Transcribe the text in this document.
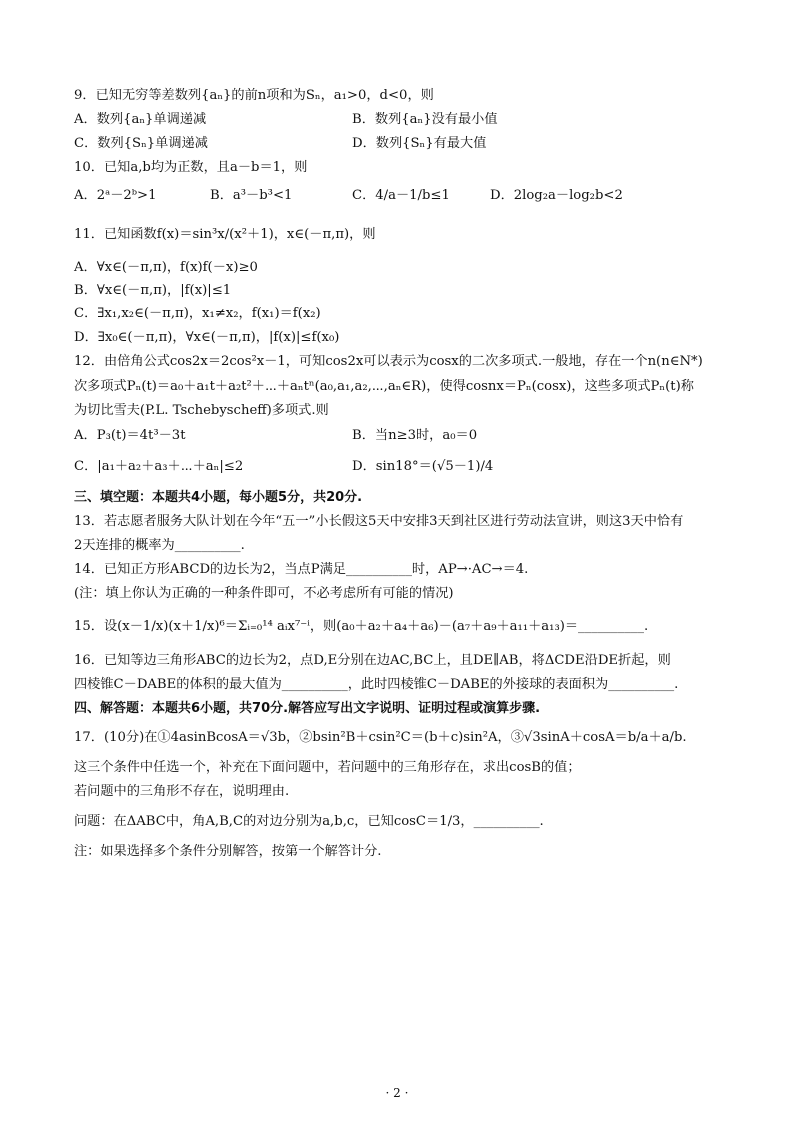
9．已知无穷等差数列{aₙ}的前n项和为Sₙ，a₁>0，d<0，则
A．数列{aₙ}单调递减	B．数列{aₙ}没有最小值
C．数列{Sₙ}单调递减	D．数列{Sₙ}有最大值
10．已知a,b均为正数，且a－b＝1，则
A．2ᵃ－2ᵇ>1	B．a³－b³<1	C．4/a－1/b≤1	D．2log₂a－log₂b<2
11．已知函数f(x)＝sin³x/(x²＋1)，x∈(－π,π)，则
A．∀x∈(－π,π)，f(x)f(－x)≥0
B．∀x∈(－π,π)，|f(x)|≤1
C．∃x₁,x₂∈(－π,π)，x₁≠x₂，f(x₁)＝f(x₂)
D．∃x₀∈(－π,π)，∀x∈(－π,π)，|f(x)|≤f(x₀)
12．由倍角公式cos2x＝2cos²x－1，可知cos2x可以表示为cosx的二次多项式.一般地，存在一个n(n∈N*)
次多项式Pₙ(t)＝a₀＋a₁t＋a₂t²＋⋯＋aₙtⁿ(a₀,a₁,a₂,⋯,aₙ∈R)，使得cosnx＝Pₙ(cosx)，这些多项式Pₙ(t)称
为切比雪夫(P.L. Tschebyscheff)多项式.则
A．P₃(t)＝4t³－3t	B．当n≥3时，a₀＝0
C．|a₁＋a₂＋a₃＋⋯＋aₙ|≤2	D．sin18°＝(√5－1)/4
三、填空题：本题共4小题，每小题5分，共20分.
13．若志愿者服务大队计划在今年“五一”小长假这5天中安排3天到社区进行劳动法宣讲，则这3天中恰有
2天连排的概率为__________.
14．已知正方形ABCD的边长为2，当点P满足__________时，AP→·AC→＝4.
(注：填上你认为正确的一种条件即可，不必考虑所有可能的情况)
15．设(x－1/x)(x＋1/x)⁶＝Σᵢ₌₀¹⁴ aᵢx⁷⁻ⁱ，则(a₀＋a₂＋a₄＋a₆)－(a₇＋a₉＋a₁₁＋a₁₃)＝__________.
16．已知等边三角形ABC的边长为2，点D,E分别在边AC,BC上，且DE∥AB，将ΔCDE沿DE折起，则
四棱锥C－DABE的体积的最大值为__________，此时四棱锥C－DABE的外接球的表面积为__________.
四、解答题：本题共6小题，共70分.解答应写出文字说明、证明过程或演算步骤.
17．(10分)在①4asinBcosA＝√3b，②bsin²B＋csin²C＝(b＋c)sin²A，③√3sinA＋cosA＝b/a＋a/b.
这三个条件中任选一个，补充在下面问题中，若问题中的三角形存在，求出cosB的值；
若问题中的三角形不存在，说明理由.
问题：在ΔABC中，角A,B,C的对边分别为a,b,c，已知cosC＝1/3，__________.
注：如果选择多个条件分别解答，按第一个解答计分.
· 2 ·
